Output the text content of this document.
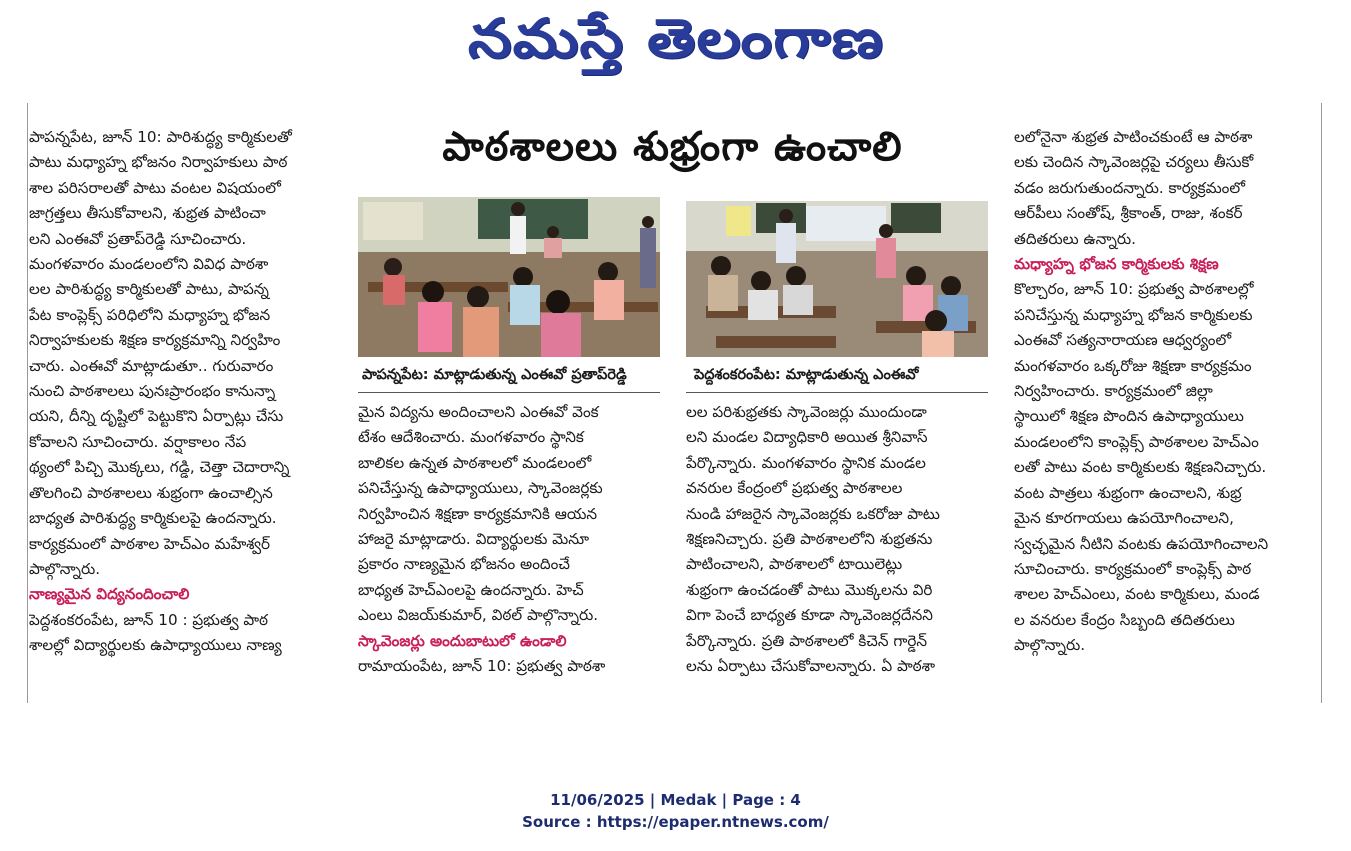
నమస్తే తెలంగాణ
పాఠశాలలు శుభ్రంగా ఉంచాలి
పాపన్నపేట: మాట్లాడుతున్న ఎంఈవో ప్రతాప్‌రెడ్డి	పెద్దశంకరంపేట: మాట్లాడుతున్న ఎంఈవో
పాపన్నపేట, జూన్ 10: పారిశుద్ధ్య కార్మికులతో
పాటు మధ్యాహ్న భోజనం నిర్వాహకులు పాఠ
శాల పరిసరాలతో పాటు వంటల విషయంలో
జాగ్రత్తలు తీసుకోవాలని, శుభ్రత పాటించా
లని ఎంఈవో ప్రతాప్‌రెడ్డి సూచించారు.
మంగళవారం మండలంలోని వివిధ పాఠశా
లల పారిశుద్ధ్య కార్మికులతో పాటు, పాపన్న
పేట కాంప్లెక్స్ పరిధిలోని మధ్యాహ్న భోజన
నిర్వాహకులకు శిక్షణ కార్యక్రమాన్ని నిర్వహిం
చారు. ఎంఈవో మాట్లాడుతూ.. గురువారం
నుంచి పాఠశాలలు పునఃప్రారంభం కానున్నా
యని, దీన్ని దృష్టిలో పెట్టుకొని ఏర్పాట్లు చేసు
కోవాలని సూచించారు. వర్షాకాలం నేప
థ్యంలో పిచ్చి మొక్కలు, గడ్డి, చెత్తా చెదారాన్ని
తొలగించి పాఠశాలలు శుభ్రంగా ఉంచాల్సిన
బాధ్యత పారిశుద్ధ్య కార్మికులపై ఉందన్నారు.
కార్యక్రమంలో పాఠశాల హెచ్ఎం మహేశ్వర్
పాల్గొన్నారు.
నాణ్యమైన విద్యనందించాలి
పెద్దశంకరంపేట, జూన్ 10 : ప్రభుత్వ పాఠ
శాలల్లో విద్యార్థులకు ఉపాధ్యాయులు నాణ్య
మైన విద్యను అందించాలని ఎంఈవో వెంక
టేశం ఆదేశించారు. మంగళవారం స్థానిక
బాలికల ఉన్నత పాఠశాలలో మండలంలో
పనిచేస్తున్న ఉపాధ్యాయులు, స్కావెంజర్లకు
నిర్వహించిన శిక్షణా కార్యక్రమానికి ఆయన
హాజరై మాట్లాడారు. విద్యార్థులకు మెనూ
ప్రకారం నాణ్యమైన భోజనం అందించే
బాధ్యత హెచ్ఎంలపై ఉందన్నారు. హెచ్
ఎంలు విజయ్‌కుమార్, విఠల్ పాల్గొన్నారు.
స్కావెంజర్లు అందుబాటులో ఉండాలి
రామాయంపేట, జూన్ 10: ప్రభుత్వ పాఠశా
లల పరిశుభ్రతకు స్కావెంజర్లు ముందుండా
లని మండల విద్యాధికారి అయిత శ్రీనివాస్
పేర్కొన్నారు. మంగళవారం స్థానిక మండల
వనరుల కేంద్రంలో ప్రభుత్వ పాఠశాలల
నుండి హాజరైన స్కావెంజర్లకు ఒకరోజు పాటు
శిక్షణనిచ్చారు. ప్రతి పాఠశాలలోని శుభ్రతను
పాటించాలని, పాఠశాలలో టాయిలెట్లు
శుభ్రంగా ఉంచడంతో పాటు మొక్కలను విరి
విగా పెంచే బాధ్యత కూడా స్కావెంజర్లదేనని
పేర్కొన్నారు. ప్రతి పాఠశాలలో కిచెన్ గార్డెన్
లను ఏర్పాటు చేసుకోవాలన్నారు. ఏ పాఠశా
లలోనైనా శుభ్రత పాటించకుంటే ఆ పాఠశా
లకు చెందిన స్కావెంజర్లపై చర్యలు తీసుకో
వడం జరుగుతుందన్నారు. కార్యక్రమంలో
ఆర్‌పీలు సంతోష్, శ్రీకాంత్, రాజు, శంకర్
తదితరులు ఉన్నారు.
మధ్యాహ్న భోజన కార్మికులకు శిక్షణ
కొల్చారం, జూన్ 10: ప్రభుత్వ పాఠశాలల్లో
పనిచేస్తున్న మధ్యాహ్న భోజన కార్మికులకు
ఎంఈవో సత్యనారాయణ ఆధ్వర్యంలో
మంగళవారం ఒక్కరోజు శిక్షణా కార్యక్రమం
నిర్వహించారు. కార్యక్రమంలో జిల్లా
స్థాయిలో శిక్షణ పొందిన ఉపాధ్యాయులు
మండలంలోని కాంప్లెక్స్ పాఠశాలల హెచ్ఎం
లతో పాటు వంట కార్మికులకు శిక్షణనిచ్చారు.
వంట పాత్రలు శుభ్రంగా ఉంచాలని, శుభ్ర
మైన కూరగాయలు ఉపయోగించాలని,
స్వచ్ఛమైన నీటిని వంటకు ఉపయోగించాలని
సూచించారు. కార్యక్రమంలో కాంప్లెక్స్ పాఠ
శాలల హెచ్ఎంలు, వంట కార్మికులు, మండ
ల వనరుల కేంద్రం సిబ్బంది తదితరులు
పాల్గొన్నారు.
11/06/2025 | Medak | Page : 4
Source : https://epaper.ntnews.com/
